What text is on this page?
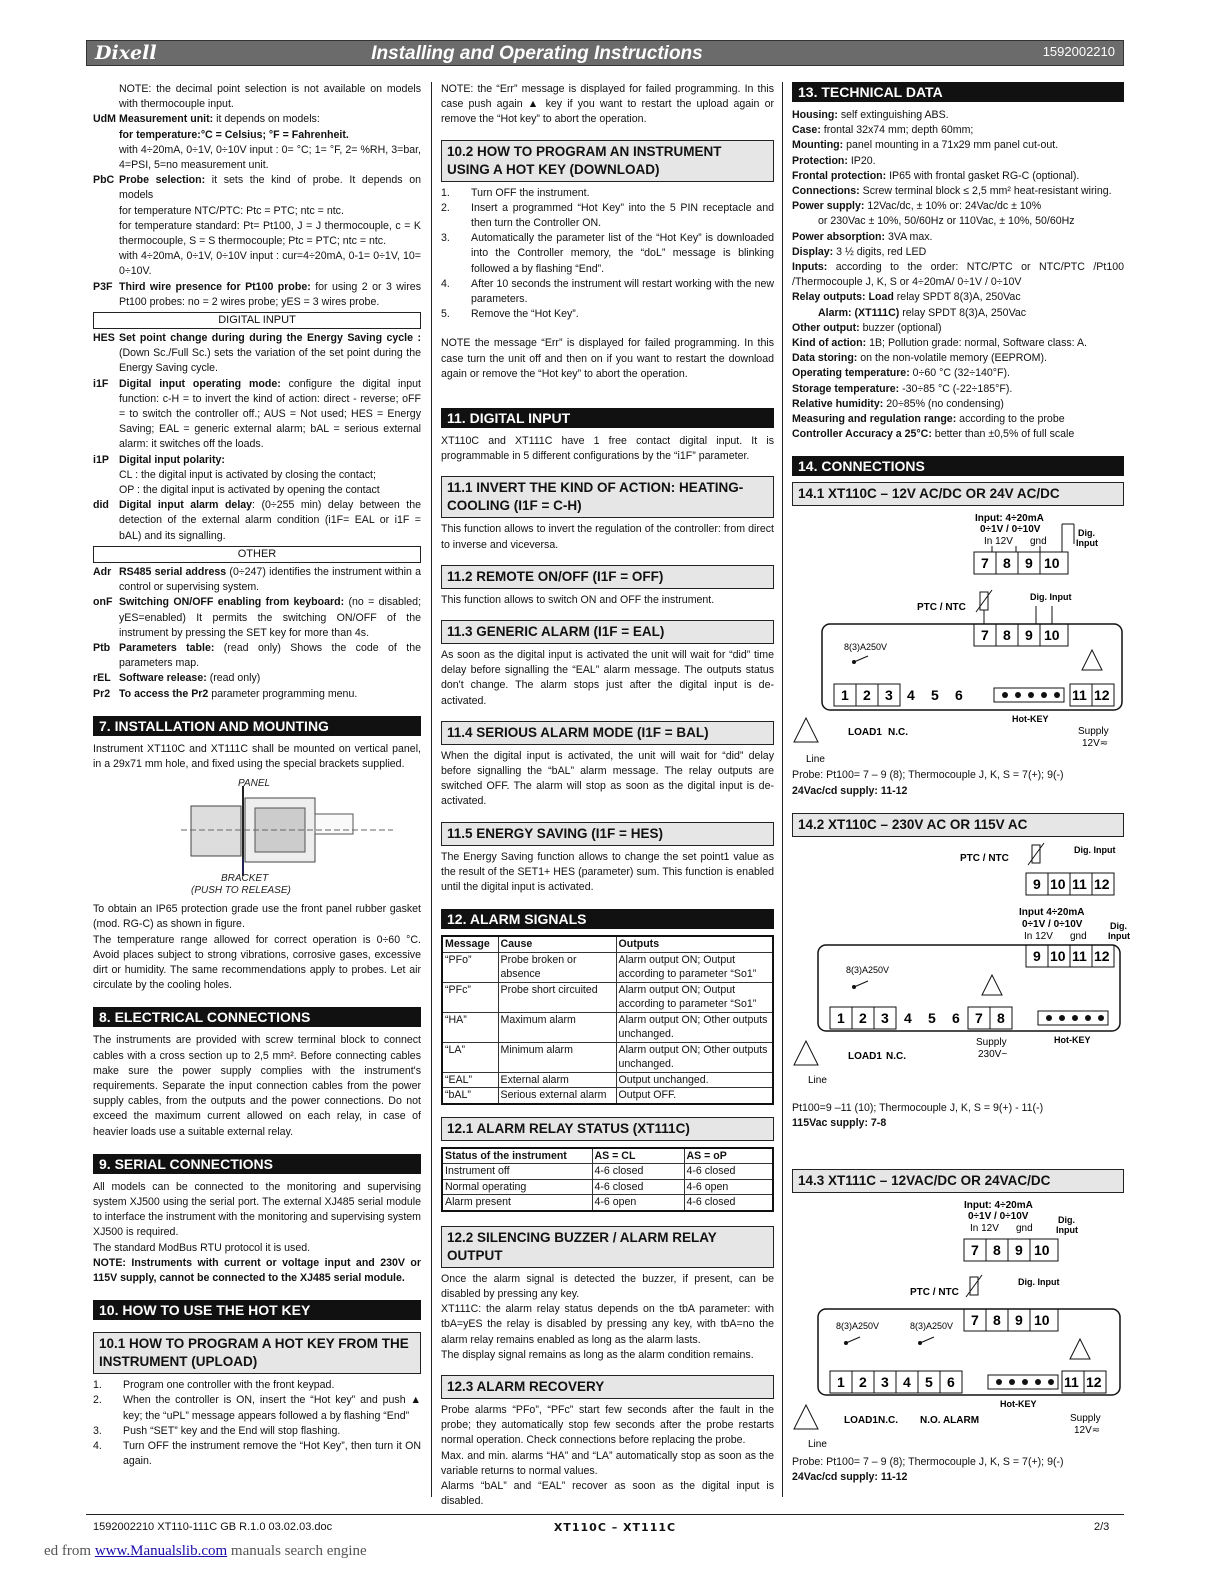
Dixell	Installing and Operating Instructions	1592002210

NOTE: the decimal point selection is not available on models with thermocouple input.

UdM Measurement unit: it depends on models:

for temperature:°C = Celsius; °F = Fahrenheit.

with 4÷20mA, 0÷1V, 0÷10V input : 0= °C; 1= °F, 2= %RH, 3=bar, 4=PSI, 5=no measurement unit.

PbC Probe selection: it sets the kind of probe. It depends on models

for temperature NTC/PTC: Ptc = PTC; ntc = ntc.

for temperature standard: Pt= Pt100, J = J thermocouple, c = K thermocouple, S = S thermocouple; Ptc = PTC; ntc = ntc.

with 4÷20mA, 0÷1V, 0÷10V input : cur=4÷20mA, 0-1= 0÷1V, 10= 0÷10V.

P3F Third wire presence for Pt100 probe: for using 2 or 3 wires Pt100 probes: no = 2 wires probe; yES = 3 wires probe.
DIGITAL INPUT
HES Set point change during during the Energy Saving cycle : (Down Sc./Full Sc.) sets the variation of the set point during the Energy Saving cycle.
i1F	Digital input operating mode: configure the digital input function: c-H = to invert the kind of action: direct - reverse; oFF = to switch the controller off.; AUS = Not used; HES = Energy Saving; EAL = generic external alarm; bAL = serious external alarm: it switches off the loads.
i1P Digital input polarity:

CL : the digital input is activated by closing the contact;

OP : the digital input is activated by opening the contact

did Digital input alarm delay: (0÷255 min) delay between the detection of the external alarm condition (i1F= EAL or i1F = bAL) and its signalling.
OTHER
Adr RS485 serial address (0÷247) identifies the instrument within a control or supervising system.
onF Switching ON/OFF enabling from keyboard: (no = disabled; yES=enabled) It permits the switching ON/OFF of the instrument by pressing the SET key for more than 4s.
Ptb Parameters table: (read only) Shows the code of the parameters map.
rEL Software release: (read only)
Pr2 To access the Pr2 parameter programming menu.
7. INSTALLATION AND MOUNTING

Instrument XT110C and XT111C shall be mounted on vertical panel, in a 29x71 mm hole, and fixed using the special brackets supplied.

PANEL
BRACKET
(PUSH TO RELEASE)

To obtain an IP65 protection grade use the front panel rubber gasket (mod. RG-C) as shown in figure.

The temperature range allowed for correct operation is 0÷60 °C. Avoid places subject to strong vibrations, corrosive gases, excessive dirt or humidity. The same recommendations apply to probes. Let air circulate by the cooling holes.

8. ELECTRICAL CONNECTIONS

The instruments are provided with screw terminal block to connect cables with a cross section up to 2,5 mm². Before connecting cables make sure the power supply complies with the instrument's requirements. Separate the input connection cables from the power supply cables, from the outputs and the power connections. Do not exceed the maximum current allowed on each relay, in case of heavier loads use a suitable external relay.

9. SERIAL CONNECTIONS

All models can be connected to the monitoring and supervising system XJ500 using the serial port. The external XJ485 serial module to interface the instrument with the monitoring and supervising system XJ500 is required.

The standard ModBus RTU protocol it is used.

NOTE: Instruments with current or voltage input and 230V or 115V supply, cannot be connected to the XJ485 serial module.

10. HOW TO USE THE HOT KEY
10.1 HOW TO PROGRAM A HOT KEY FROM THE INSTRUMENT (UPLOAD)
1.	Program one controller with the front keypad.
2.	When the controller is ON, insert the “Hot key” and push ▲ key; the “uPL” message appears followed a by flashing “End”
3.	Push “SET” key and the End will stop flashing.
4.	Turn OFF the instrument remove the “Hot Key”, then turn it ON again.

NOTE: the “Err” message is displayed for failed programming. In this case push again ▲ key if you want to restart the upload again or remove the “Hot key” to abort the operation.

10.2 HOW TO PROGRAM AN INSTRUMENT USING A HOT KEY (DOWNLOAD)
1.	Turn OFF the instrument.
2.	Insert a programmed “Hot Key” into the 5 PIN receptacle and then turn the Controller ON.
3.	Automatically the parameter list of the “Hot Key” is downloaded into the Controller memory, the “doL” message is blinking followed a by flashing “End”.
4.	After 10 seconds the instrument will restart working with the new parameters.
5.	Remove the “Hot Key”.

NOTE the message “Err” is displayed for failed programming. In this case turn the unit off and then on if you want to restart the download again or remove the “Hot key” to abort the operation.

11. DIGITAL INPUT

XT110C and XT111C have 1 free contact digital input. It is programmable in 5 different configurations by the “i1F” parameter.

11.1 INVERT THE KIND OF ACTION: HEATING-COOLING (I1F = C-H)

This function allows to invert the regulation of the controller: from direct to inverse and viceversa.

11.2 REMOTE ON/OFF (I1F = OFF)

This function allows to switch ON and OFF the instrument.

11.3 GENERIC ALARM (I1F = EAL)

As soon as the digital input is activated the unit will wait for “did” time delay before signalling the “EAL” alarm message. The outputs status don't change. The alarm stops just after the digital input is de-activated.

11.4 SERIOUS ALARM MODE (I1F = BAL)

When the digital input is activated, the unit will wait for “did” delay before signalling the “bAL” alarm message. The relay outputs are switched OFF. The alarm will stop as soon as the digital input is de-activated.

11.5 ENERGY SAVING (I1F = HES)

The Energy Saving function allows to change the set point1 value as the result of the SET1+ HES (parameter) sum. This function is enabled until the digital input is activated.

12. ALARM SIGNALS
Message	Cause	Outputs
“PFo”	Probe broken or absence	Alarm output ON; Output according to parameter “So1”
“PFc”	Probe short circuited	Alarm output ON; Output according to parameter “So1”
“HA”	Maximum alarm	Alarm output ON; Other outputs unchanged.
“LA”	Minimum alarm	Alarm output ON; Other outputs unchanged.
“EAL”	External alarm	Output unchanged.
“bAL”	Serious external alarm	Output OFF.
12.1 ALARM RELAY STATUS (XT111C)
Status of the instrument	AS = CL	AS = oP
Instrument off	4-6 closed	4-6 closed
Normal operating	4-6 closed	4-6 open
Alarm present	4-6 open	4-6 closed
12.2 SILENCING BUZZER / ALARM RELAY OUTPUT

Once the alarm signal is detected the buzzer, if present, can be disabled by pressing any key.

XT111C: the alarm relay status depends on the tbA parameter: with tbA=yES the relay is disabled by pressing any key, with tbA=no the alarm relay remains enabled as long as the alarm lasts.

The display signal remains as long as the alarm condition remains.

12.3 ALARM RECOVERY

Probe alarms “PFo”, “PFc” start few seconds after the fault in the probe; they automatically stop few seconds after the probe restarts normal operation. Check connections before replacing the probe.

Max. and min. alarms “HA” and “LA” automatically stop as soon as the variable returns to normal values.

Alarms “bAL” and “EAL” recover as soon as the digital input is disabled.

13. TECHNICAL DATA
Housing: self extinguishing ABS.
Case: frontal 32x74 mm; depth 60mm;
Mounting: panel mounting in a 71x29 mm panel cut-out.
Protection: IP20.
Frontal protection: IP65 with frontal gasket RG-C (optional).
Connections: Screw terminal block ≤ 2,5 mm² heat-resistant wiring.
Power supply: 12Vac/dc, ± 10% or: 24Vac/dc ± 10%
or 230Vac ± 10%, 50/60Hz or 110Vac, ± 10%, 50/60Hz
Power absorption: 3VA max.
Display: 3 ½ digits, red LED
Inputs: according to the order: NTC/PTC or NTC/PTC /Pt100 /Thermocouple J, K, S or 4÷20mA/ 0÷1V / 0÷10V
Relay outputs: Load relay SPDT 8(3)A, 250Vac
Alarm: (XT111C) relay SPDT 8(3)A, 250Vac
Other output: buzzer (optional)
Kind of action: 1B; Pollution grade: normal, Software class: A.
Data storing: on the non-volatile memory (EEPROM).
Operating temperature: 0÷60 °C (32÷140°F).
Storage temperature: -30÷85 °C (-22÷185°F).
Relative humidity: 20÷85% (no condensing)
Measuring and regulation range: according to the probe
Controller Accuracy a 25°C: better than ±0,5% of full scale
14. CONNECTIONS
14.1 XT110C – 12V AC/DC OR 24V AC/DC
Input: 4÷20mA
0÷1V / 0÷10V
In 12V gnd
Dig.
Input
7 8 9 10
PTC / NTC
Dig. Input
7 8 9 10
8(3)A250V
1 2 3 4 5 6
Hot-KEY
11 12
LOAD1 N.C.
Line
Supply
12V≂

Probe: Pt100= 7 – 9 (8); Thermocouple J, K, S = 7(+); 9(-)

24Vac/cd supply: 11-12

14.2 XT110C – 230V AC OR 115V AC
PTC / NTC
Dig. Input
9 10 11 12
Input 4÷20mA
0÷1V / 0÷10V
In 12V gnd
Dig.
Input
9 10 11 12
8(3)A250V
1 2 3 4 5 6 7 8
Hot-KEY
LOAD1 N.C.
Line
Supply
230V~

Pt100=9 –11 (10); Thermocouple J, K, S = 9(+) - 11(-)

115Vac supply: 7-8

14.3 XT111C – 12VAC/DC OR 24VAC/DC
Input: 4÷20mA
0÷1V / 0÷10V
In 12V gnd
Dig.
Input
7 8 9 10
PTC / NTC
Dig. Input
7 8 9 10
8(3)A250V	8(3)A250V
1 2 3 4 5 6
Hot-KEY
11 12
LOAD1 N.C. N.O. ALARM
Line
Supply
12V≂

Probe: Pt100= 7 – 9 (8); Thermocouple J, K, S = 7(+); 9(-)

24Vac/cd supply: 11-12

1592002210 XT110-111C GB R.1.0 03.02.03.doc	XT110C – XT111C	2/3
ed from www.Manualslib.com manuals search engine
